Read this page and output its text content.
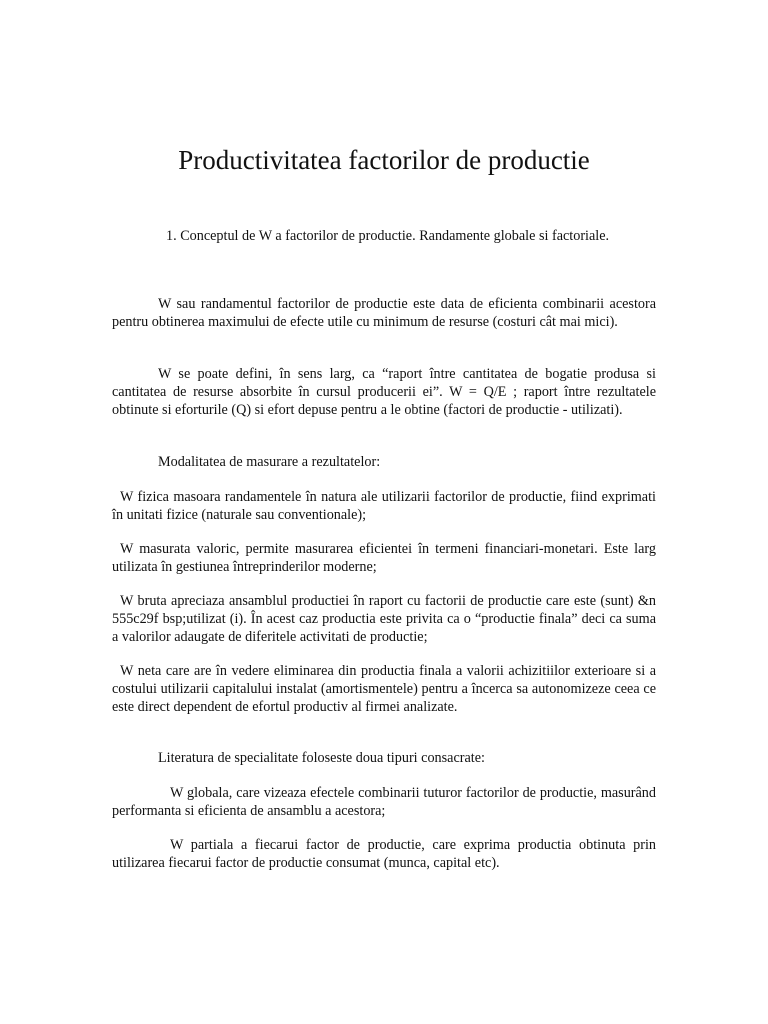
Productivitatea factorilor de productie

1. Conceptul de W a factorilor de productie. Randamente globale si factoriale.

W sau randamentul factorilor de productie este data de eficienta combinarii acestora pentru obtinerea maximului de efecte utile cu minimum de resurse (costuri cât mai mici).

W se poate defini, în sens larg, ca “raport între cantitatea de bogatie produsa si cantitatea de resurse absorbite în cursul producerii ei”. W = Q/E ; raport între rezultatele obtinute si eforturile (Q) si efort depuse pentru a le obtine (factori de productie - utilizati).

Modalitatea de masurare a rezultatelor:

W fizica masoara randamentele în natura ale utilizarii factorilor de productie, fiind exprimati în unitati fizice (naturale sau conventionale);

W masurata valoric, permite masurarea eficientei în termeni financiari-monetari. Este larg utilizata în gestiunea întreprinderilor moderne;

W bruta apreciaza ansamblul productiei în raport cu factorii de productie care este (sunt) &n 555c29f bsp;utilizat (i). În acest caz productia este privita ca o “productie finala” deci ca suma a valorilor adaugate de diferitele activitati de productie;

W neta care are în vedere eliminarea din productia finala a valorii achizitiilor exterioare si a costului utilizarii capitalului instalat (amortismentele) pentru a încerca sa autonomizeze ceea ce este direct dependent de efortul productiv al firmei analizate.

Literatura de specialitate foloseste doua tipuri consacrate:

W globala, care vizeaza efectele combinarii tuturor factorilor de productie, masurând performanta si eficienta de ansamblu a acestora;

W partiala a fiecarui factor de productie, care exprima productia obtinuta prin utilizarea fiecarui factor de productie consumat (munca, capital etc).
